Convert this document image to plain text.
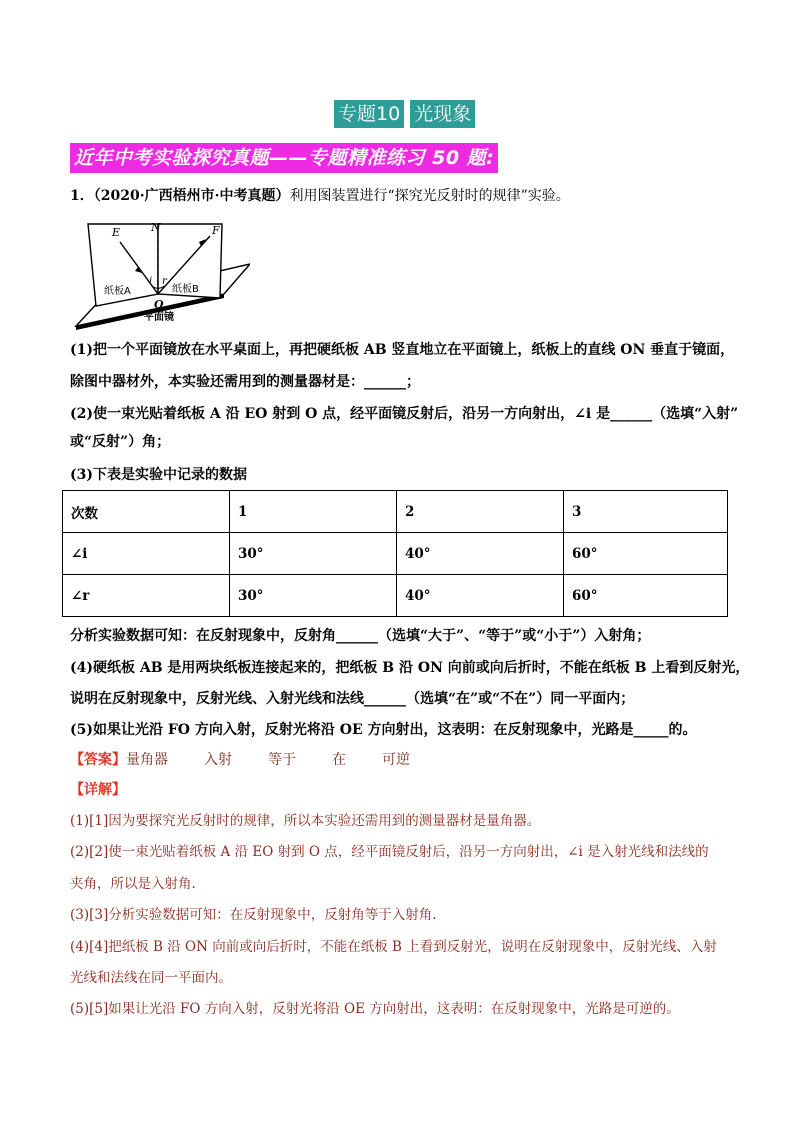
专题10 光现象
近年中考实验探究真题——专题精准练习 50 题:
1．（2020·广西梧州市·中考真题）利用图装置进行“探究光反射时的规律”实验。
E	N	F
i r
O
纸板A	纸板B
平面镜
(1)把一个平面镜放在水平桌面上，再把硬纸板 AB 竖直地立在平面镜上，纸板上的直线 ON 垂直于镜面，
除图中器材外，本实验还需用到的测量器材是：______；
(2)使一束光贴着纸板 A 沿 EO 射到 O 点，经平面镜反射后，沿另一方向射出，∠i 是______（选填“入射”
或“反射”）角；
(3)下表是实验中记录的数据
次数	1	2	3
∠i	30°	40°	60°
∠r	30°	40°	60°
分析实验数据可知：在反射现象中，反射角______（选填“大于”、“等于”或“小于”）入射角；
(4)硬纸板 AB 是用两块纸板连接起来的，把纸板 B 沿 ON 向前或向后折时，不能在纸板 B 上看到反射光，
说明在反射现象中，反射光线、入射光线和法线______（选填“在”或“不在”）同一平面内；
(5)如果让光沿 FO 方向入射，反射光将沿 OE 方向射出，这表明：在反射现象中，光路是_____的。
【答案】量角器	入射	等于	在	可逆
【详解】
(1)[1]因为要探究光反射时的规律，所以本实验还需用到的测量器材是量角器。
(2)[2]使一束光贴着纸板 A 沿 EO 射到 O 点，经平面镜反射后，沿另一方向射出，∠i 是入射光线和法线的
夹角，所以是入射角.
(3)[3]分析实验数据可知：在反射现象中，反射角等于入射角.
(4)[4]把纸板 B 沿 ON 向前或向后折时，不能在纸板 B 上看到反射光，说明在反射现象中，反射光线、入射
光线和法线在同一平面内。
(5)[5]如果让光沿 FO 方向入射，反射光将沿 OE 方向射出，这表明：在反射现象中，光路是可逆的。
